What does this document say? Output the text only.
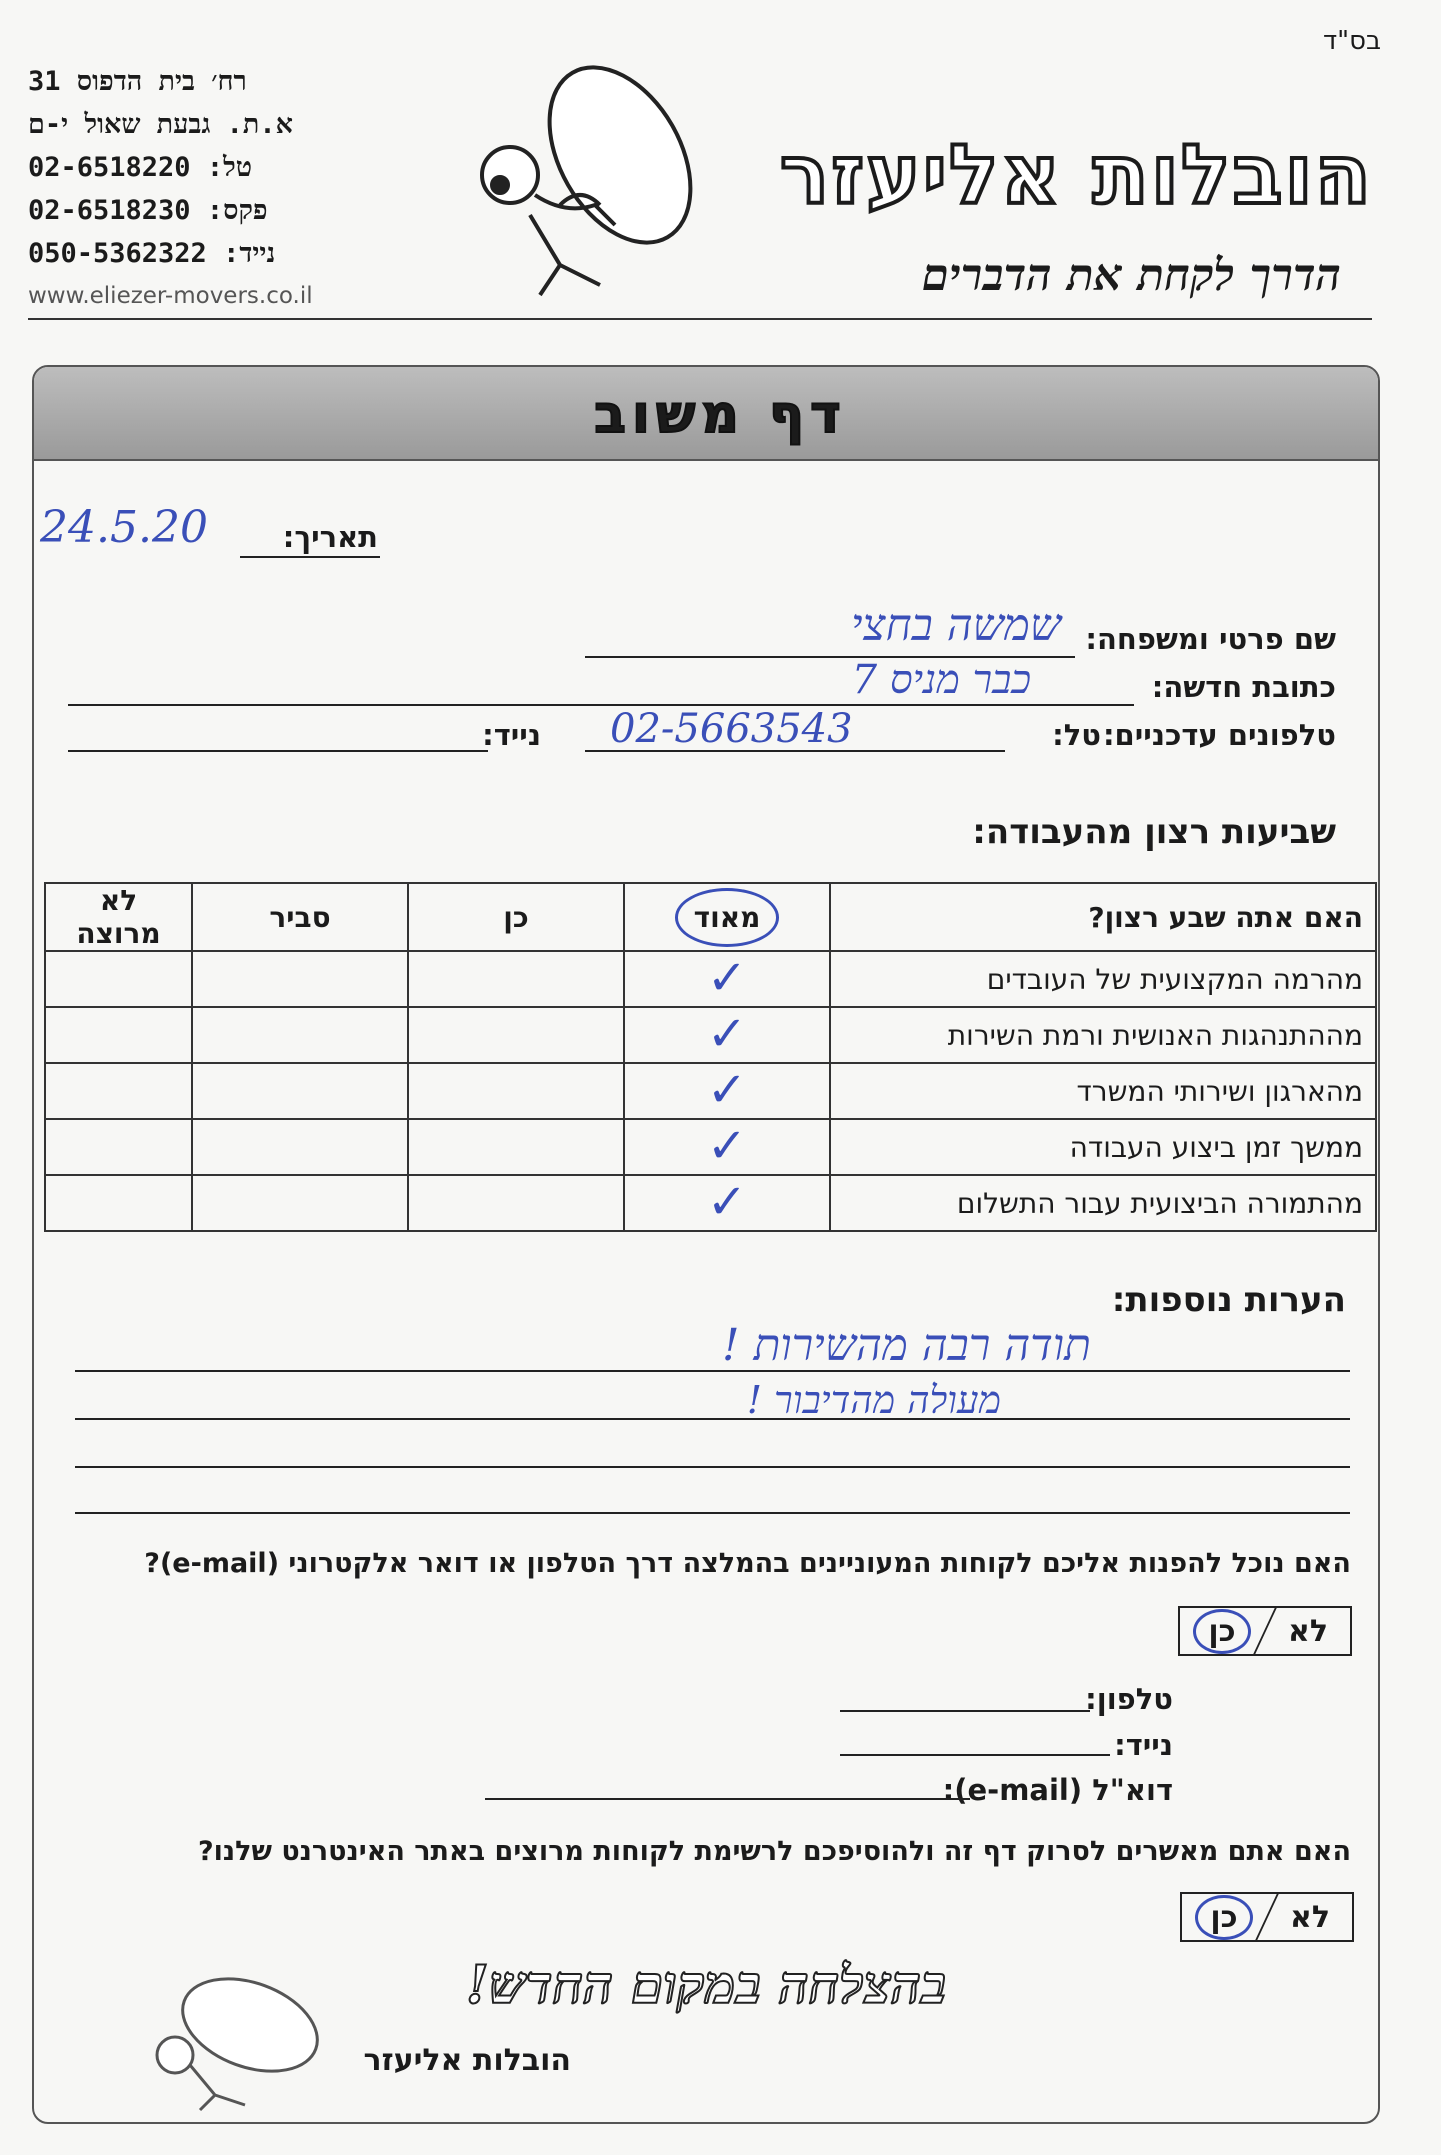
בס"ד
רח׳ בית הדפוס 31
א.ת. גבעת שאול י-ם
טל: 02-6518220
פקס: 02-6518230
נייד: 050-5362322
www.eliezer-movers.co.il
הובלות אליעזר
הדרך לקחת את הדברים
דף משוב
תאריך:
24.5.20
שם פרטי ומשפחה:
שמשה בחצי
כתובת חדשה:
כבר מניס 7
טלפונים עדכניים:
טל:
02-5663543
נייד:
שביעות רצון מהעבודה:
האם אתה שבע רצון?	מאוד	כן	סביר	לא מרוצה
מהרמה המקצועית של העובדים	✓			
מההתנהגות האנושית ורמת השירות	✓			
מהארגון ושירותי המשרד	✓			
ממשך זמן ביצוע העבודה	✓			
מהתמורה הביצועית עבור התשלום	✓			
הערות נוספות:
תודה רבה מהשירות !
מעולה מהדיבור !
האם נוכל להפנות אליכם לקוחות המעוניינים בהמלצה דרך הטלפון או דואר אלקטרוני (e-mail)?
לא
כן
טלפון:
נייד:
דוא"ל (e-mail):
האם אתם מאשרים לסרוק דף זה ולהוסיפכם לרשימת לקוחות מרוצים באתר האינטרנט שלנו?
לא
כן
בהצלחה במקום החדש!
הובלות אליעזר
